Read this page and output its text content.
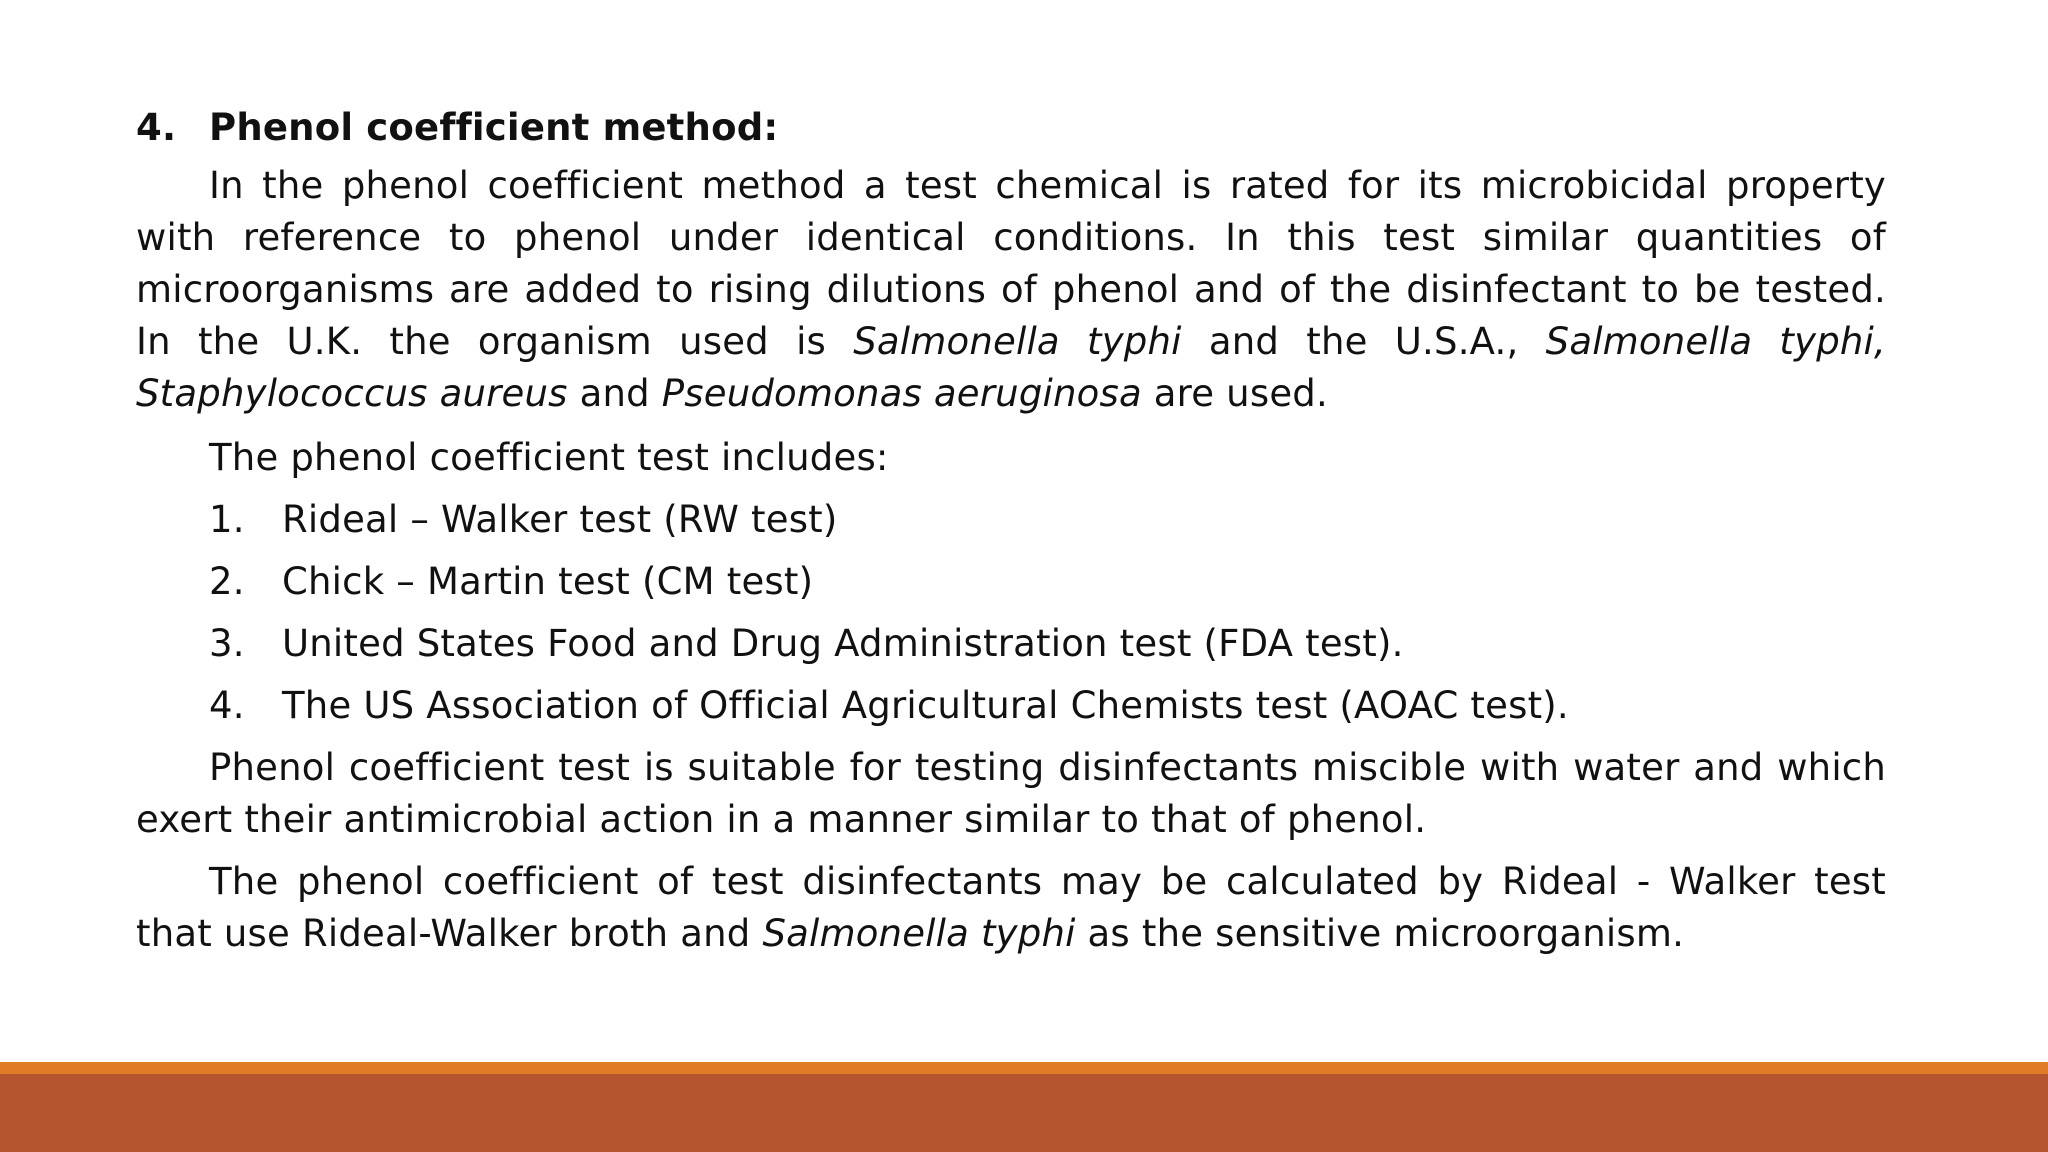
4. Phenol coefficient method:

In the phenol coefficient method a test chemical is rated for its microbicidal property with reference to phenol under identical conditions. In this test similar quantities of microorganisms are added to rising dilutions of phenol and of the disinfectant to be tested. In the U.K. the organism used is Salmonella typhi and the U.S.A., Salmonella typhi, Staphylococcus aureus and Pseudomonas aeruginosa are used.

The phenol coefficient test includes:

1.	Rideal – Walker test (RW test)
2.	Chick – Martin test (CM test)
3.	United States Food and Drug Administration test (FDA test).
4.	The US Association of Official Agricultural Chemists test (AOAC test).

Phenol coefficient test is suitable for testing disinfectants miscible with water and which exert their antimicrobial action in a manner similar to that of phenol.

The phenol coefficient of test disinfectants may be calculated by Rideal - Walker test that use Rideal-Walker broth and Salmonella typhi as the sensitive microorganism.
